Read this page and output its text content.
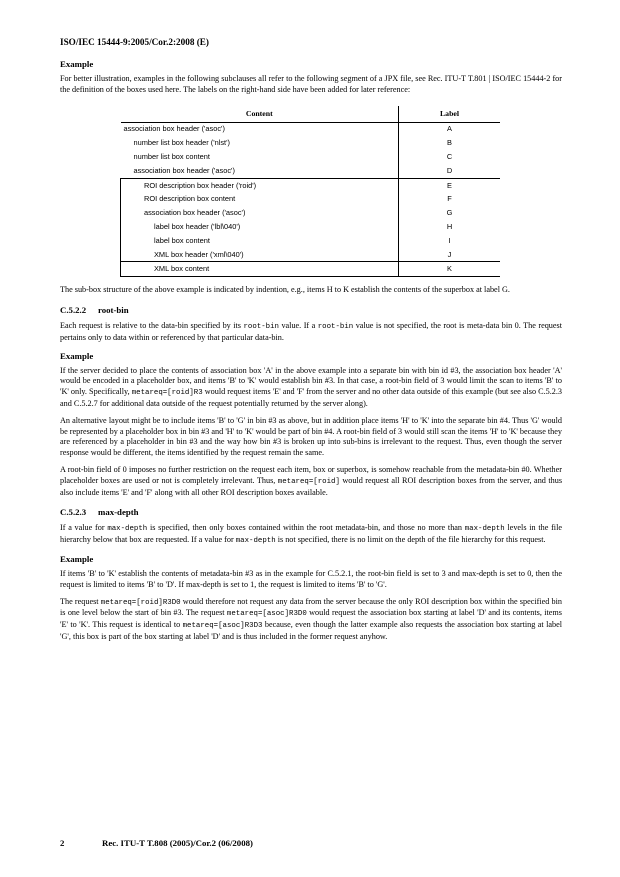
ISO/IEC 15444-9:2005/Cor.2:2008 (E)
Example

For better illustration, examples in the following subclauses all refer to the following segment of a JPX file, see Rec. ITU-T T.801 | ISO/IEC 15444-2 for the definition of the boxes used here. The labels on the right-hand side have been added for later reference:

Content	Label
association box header ('asoc')	A
number list box header ('nlst')	B
number list box content	C
association box header ('asoc')	D
ROI description box header ('roid')	E
ROI description box content	F
association box header ('asoc')	G
label box header ('lbl\040')	H
label box content	I
XML box header ('xml\040')	J
XML box content	K

The sub-box structure of the above example is indicated by indention, e.g., items H to K establish the contents of the superbox at label G.

C.5.2.2 root-bin

Each request is relative to the data-bin specified by its root-bin value. If a root-bin value is not specified, the root is meta-data bin 0. The request pertains only to data within or referenced by that particular data-bin.

Example

If the server decided to place the contents of association box 'A' in the above example into a separate bin with bin id #3, the association box header 'A' would be encoded in a placeholder box, and items 'B' to 'K' would establish bin #3. In that case, a root-bin field of 3 would limit the scan to items 'B' to 'K' only. Specifically, metareq=[roid]R3 would request items 'E' and 'F' from the server and no other data outside of this example (but see also C.5.2.3 and C.5.2.7 for additional data outside of the request potentially returned by the server along).

An alternative layout might be to include items 'B' to 'G' in bin #3 as above, but in addition place items 'H' to 'K' into the separate bin #4. Thus 'G' would be represented by a placeholder box in bin #3 and 'H' to 'K' would be part of bin #4. A root-bin field of 3 would still scan the items 'H' to 'K' because they are referenced by a placeholder in bin #3 and the way how bin #3 is broken up into sub-bins is irrelevant to the request. Thus, even though the server response would be different, the items identified by the request remain the same.

A root-bin field of 0 imposes no further restriction on the request each item, box or superbox, is somehow reachable from the metadata-bin #0. Whether placeholder boxes are used or not is completely irrelevant. Thus, metareq=[roid] would request all ROI description boxes from the server, and thus also include items 'E' and 'F' along with all other ROI description boxes available.

C.5.2.3 max-depth

If a value for max-depth is specified, then only boxes contained within the root metadata-bin, and those no more than max-depth levels in the file hierarchy below that box are requested. If a value for max-depth is not specified, there is no limit on the depth of the file hierarchy for this request.

Example

If items 'B' to 'K' establish the contents of metadata-bin #3 as in the example for C.5.2.1, the root-bin field is set to 3 and max-depth is set to 0, then the request is limited to items 'B' to 'D'. If max-depth is set to 1, the request is limited to items 'B' to 'G'.

The request metareq=[roid]R3D0 would therefore not request any data from the server because the only ROI description box within the specified bin is one level below the start of bin #3. The request metareq=[asoc]R3D0 would request the association box starting at label 'D' and its contents, items 'E' to 'K'. This request is identical to metareq=[asoc]R3D3 because, even though the latter example also requests the association box starting at label 'G', this box is part of the box starting at label 'D' and is thus included in the former request anyhow.

2	Rec. ITU-T T.808 (2005)/Cor.2 (06/2008)
